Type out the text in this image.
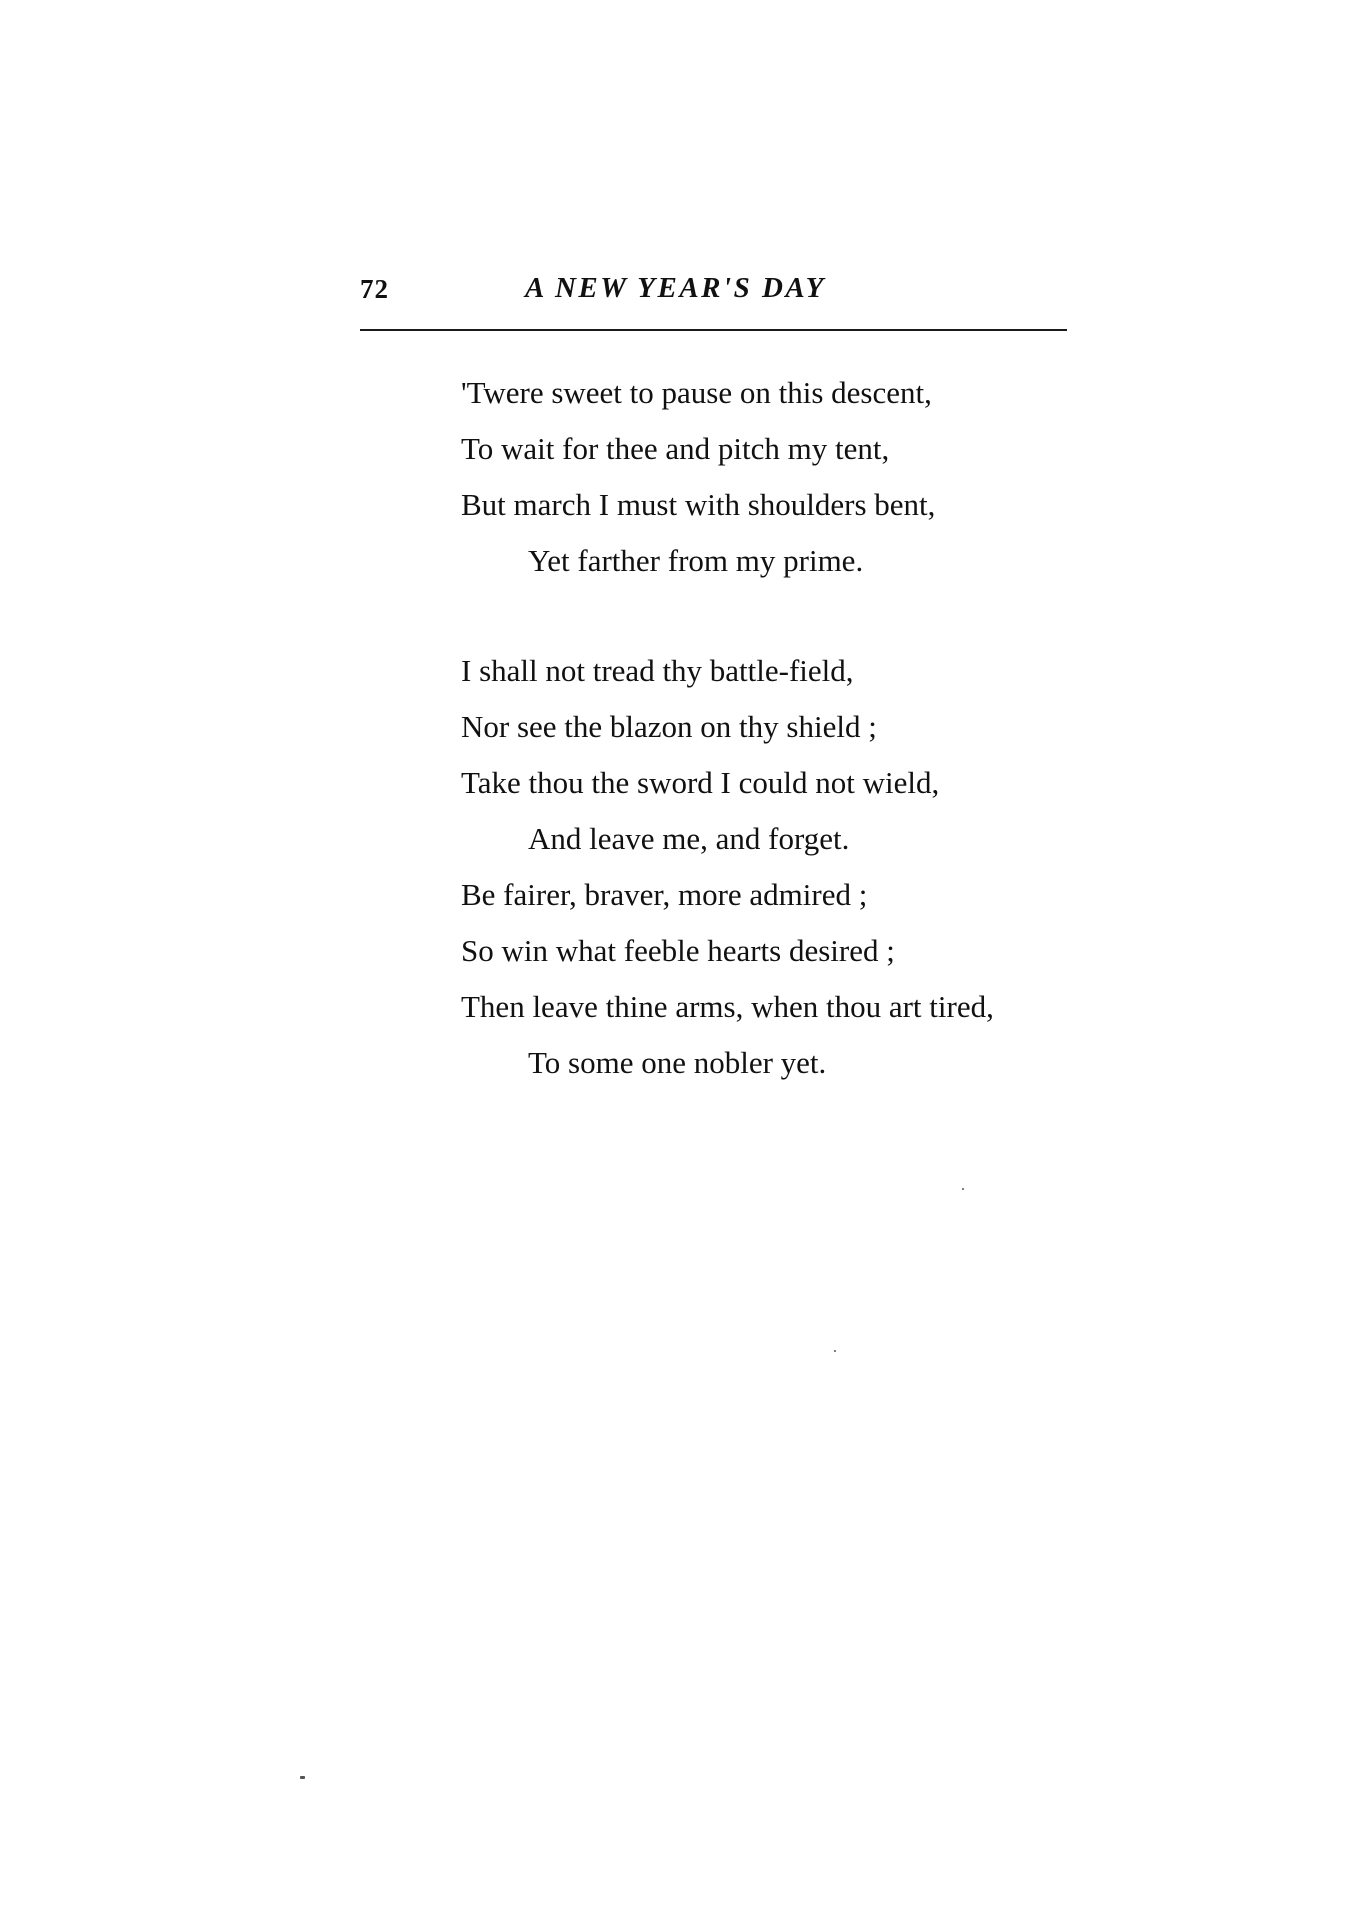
72	A NEW YEAR'S DAY
'Twere sweet to pause on this descent,
To wait for thee and pitch my tent,
But march I must with shoulders bent,
Yet farther from my prime.
I shall not tread thy battle-field,
Nor see the blazon on thy shield ;
Take thou the sword I could not wield,
And leave me, and forget.
Be fairer, braver, more admired ;
So win what feeble hearts desired ;
Then leave thine arms, when thou art tired,
To some one nobler yet.
